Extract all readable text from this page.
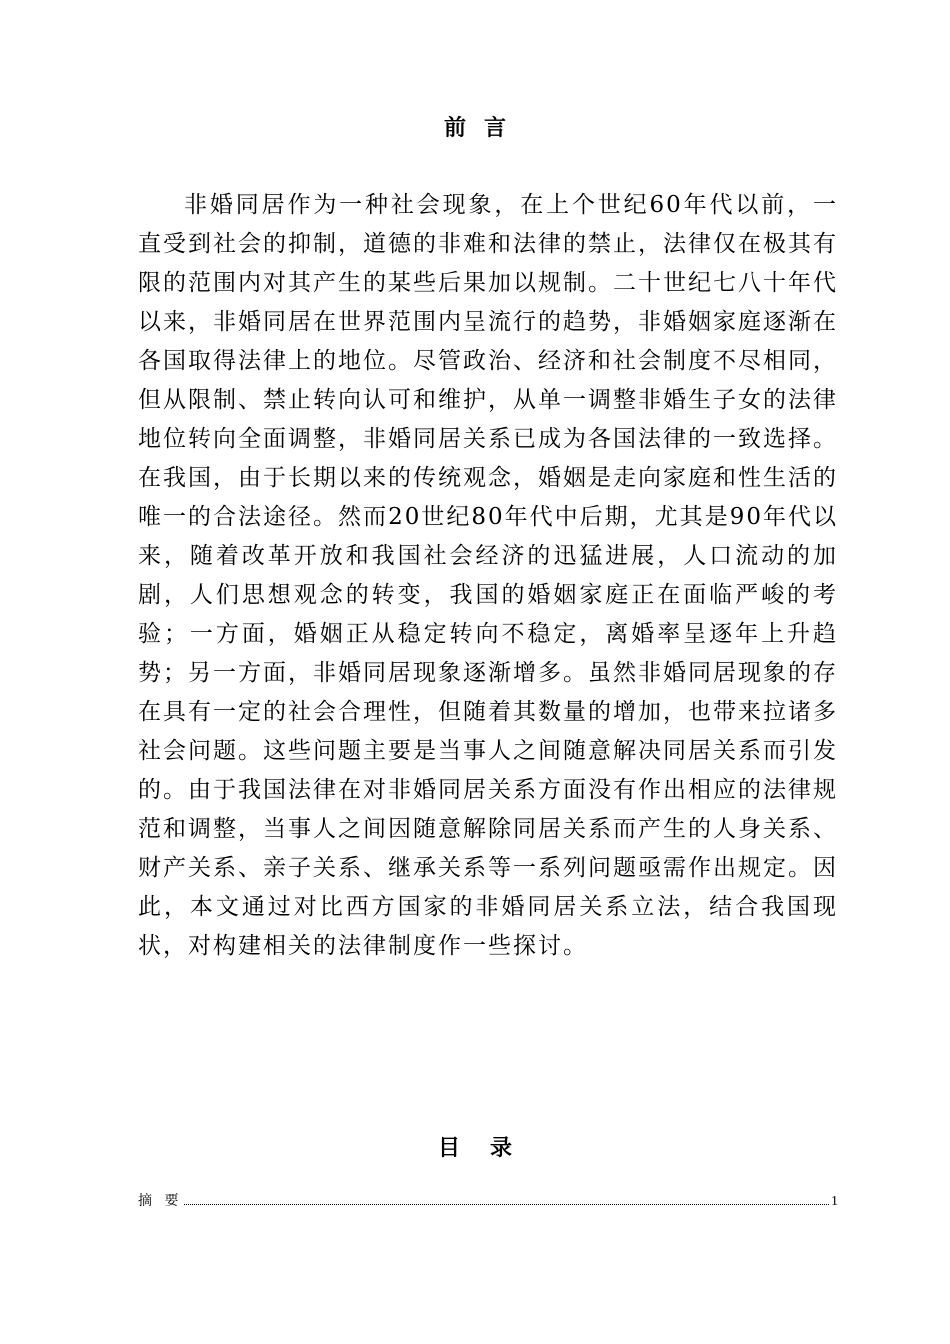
前言
非婚同居作为一种社会现象，在上个世纪60年代以前，一直受到社会的抑制，道德的非难和法律的禁止，法律仅在极其有限的范围内对其产生的某些后果加以规制。二十世纪七八十年代以来，非婚同居在世界范围内呈流行的趋势，非婚姻家庭逐渐在各国取得法律上的地位。尽管政治、经济和社会制度不尽相同，但从限制、禁止转向认可和维护，从单一调整非婚生子女的法律地位转向全面调整，非婚同居关系已成为各国法律的一致选择。在我国，由于长期以来的传统观念，婚姻是走向家庭和性生活的唯一的合法途径。然而20世纪80年代中后期，尤其是90年代以来，随着改革开放和我国社会经济的迅猛进展，人口流动的加剧，人们思想观念的转变，我国的婚姻家庭正在面临严峻的考验；一方面，婚姻正从稳定转向不稳定，离婚率呈逐年上升趋势；另一方面，非婚同居现象逐渐增多。虽然非婚同居现象的存在具有一定的社会合理性，但随着其数量的增加，也带来拉诸多社会问题。这些问题主要是当事人之间随意解决同居关系而引发的。由于我国法律在对非婚同居关系方面没有作出相应的法律规范和调整，当事人之间因随意解除同居关系而产生的人身关系、财产关系、亲子关系、继承关系等一系列问题亟需作出规定。因此，本文通过对比西方国家的非婚同居关系立法，结合我国现状，对构建相关的法律制度作一些探讨。
目录
摘 要	1
